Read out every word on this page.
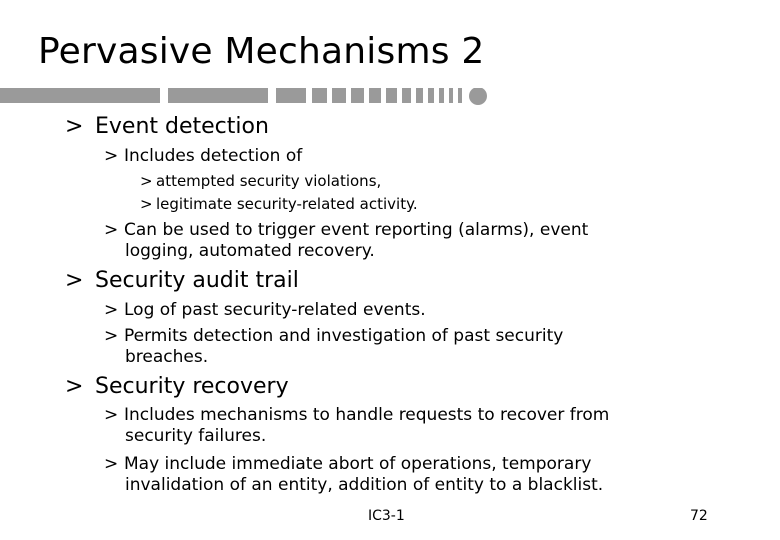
Pervasive Mechanisms 2
> Event detection
> Includes detection of
> attempted security violations,
> legitimate security-related activity.
> Can be used to trigger event reporting (alarms), event
logging, automated recovery.
> Security audit trail
> Log of past security-related events.
> Permits detection and investigation of past security
breaches.
> Security recovery
> Includes mechanisms to handle requests to recover from
security failures.
> May include immediate abort of operations, temporary
invalidation of an entity, addition of entity to a blacklist.
IC3-1	72
